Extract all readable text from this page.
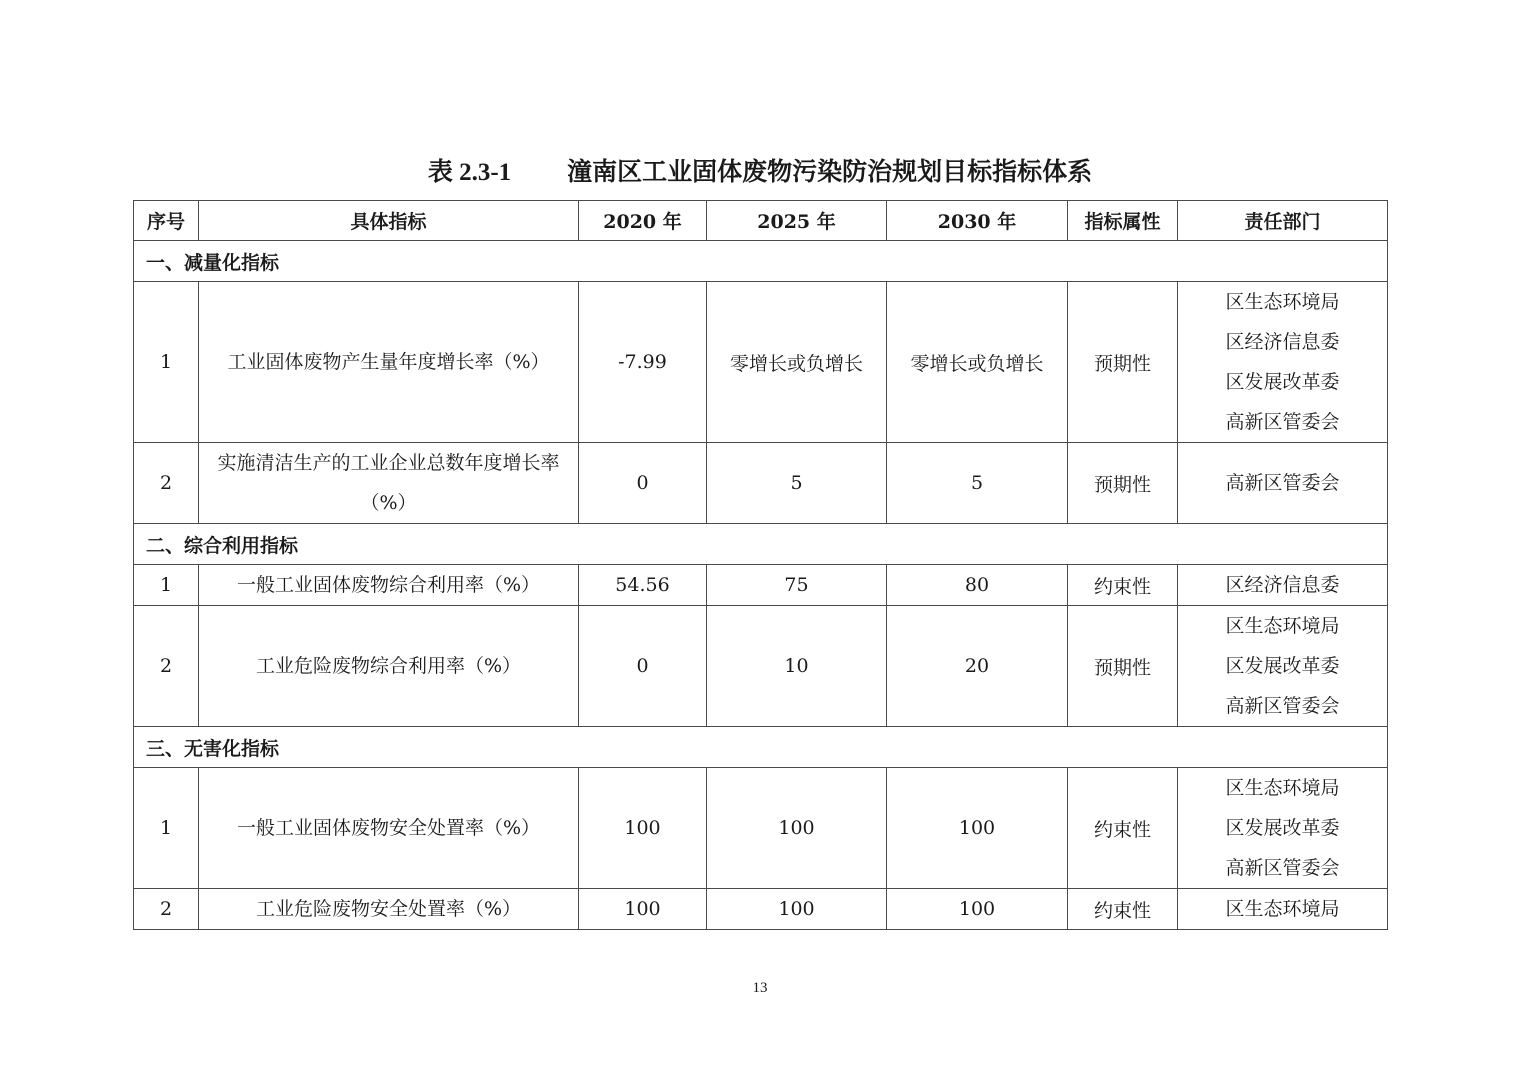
表 2.3-1 潼南区工业固体废物污染防治规划目标指标体系
序号	具体指标	2020 年	2025 年	2030 年	指标属性	责任部门
一、减量化指标						
1	工业固体废物产生量年度增长率（%）	-7.99	零增长或负增长	零增长或负增长	预期性	区生态环境局
区经济信息委
区发展改革委
高新区管委会

2	实施清洁生产的工业企业总数年度增长率（%）	0	5	5	预期性	高新区管委会

二、综合利用指标						
1	一般工业固体废物综合利用率（%）	54.56	75	80	约束性	区经济信息委

2	工业危险废物综合利用率（%）	0	10	20	预期性	区生态环境局
区发展改革委
高新区管委会

三、无害化指标						
1	一般工业固体废物安全处置率（%）	100	100	100	约束性	区生态环境局
区发展改革委
高新区管委会

2	工业危险废物安全处置率（%）	100	100	100	约束性	区生态环境局
13
